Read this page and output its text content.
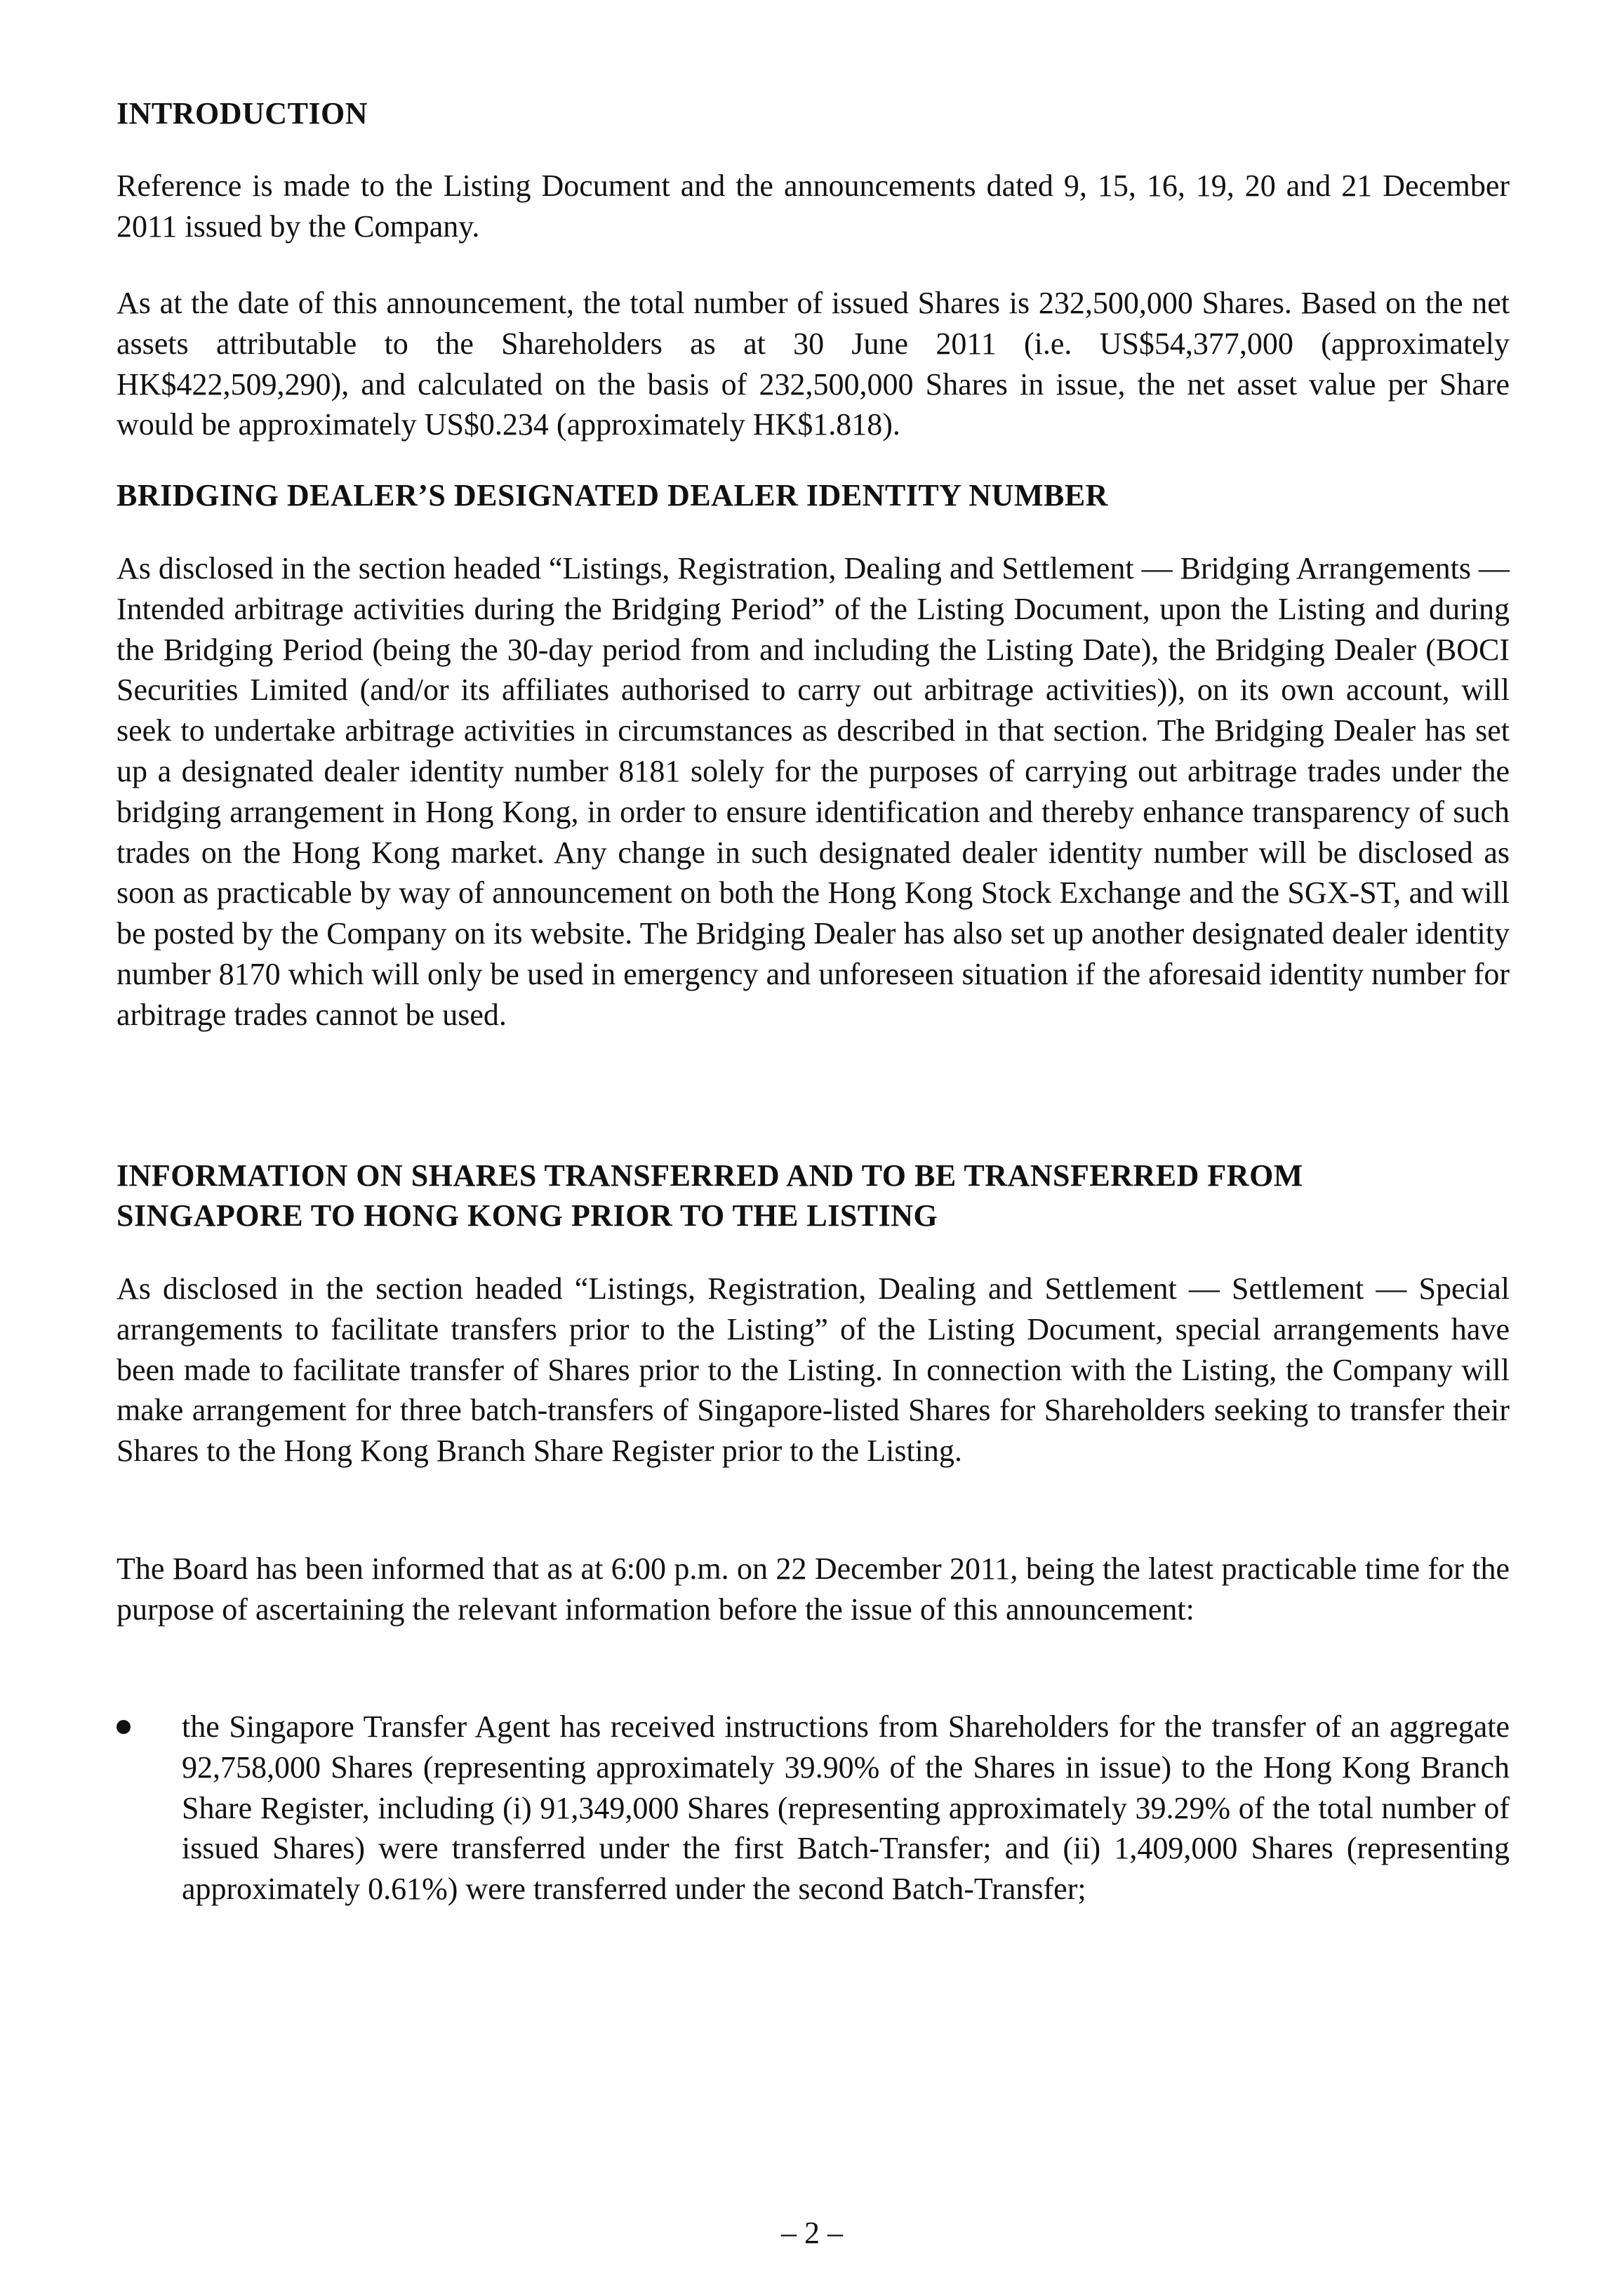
INTRODUCTION

Reference is made to the Listing Document and the announcements dated 9, 15, 16, 19, 20 and 21 December 2011 issued by the Company.

As at the date of this announcement, the total number of issued Shares is 232,500,000 Shares. Based on the net assets attributable to the Shareholders as at 30 June 2011 (i.e. US$54,377,000 (approximately HK$422,509,290), and calculated on the basis of 232,500,000 Shares in issue, the net asset value per Share would be approximately US$0.234 (approximately HK$1.818).

BRIDGING DEALER’S DESIGNATED DEALER IDENTITY NUMBER

As disclosed in the section headed “Listings, Registration, Dealing and Settlement — Bridging Arrangements — Intended arbitrage activities during the Bridging Period” of the Listing Document, upon the Listing and during the Bridging Period (being the 30-day period from and including the Listing Date), the Bridging Dealer (BOCI Securities Limited (and/or its affiliates authorised to carry out arbitrage activities)), on its own account, will seek to undertake arbitrage activities in circumstances as described in that section. The Bridging Dealer has set up a designated dealer identity number 8181 solely for the purposes of carrying out arbitrage trades under the bridging arrangement in Hong Kong, in order to ensure identification and thereby enhance transparency of such trades on the Hong Kong market. Any change in such designated dealer identity number will be disclosed as soon as practicable by way of announcement on both the Hong Kong Stock Exchange and the SGX-ST, and will be posted by the Company on its website. The Bridging Dealer has also set up another designated dealer identity number 8170 which will only be used in emergency and unforeseen situation if the aforesaid identity number for arbitrage trades cannot be used.

INFORMATION ON SHARES TRANSFERRED AND TO BE TRANSFERRED FROM
SINGAPORE TO HONG KONG PRIOR TO THE LISTING

As disclosed in the section headed “Listings, Registration, Dealing and Settlement — Settlement — Special arrangements to facilitate transfers prior to the Listing” of the Listing Document, special arrangements have been made to facilitate transfer of Shares prior to the Listing. In connection with the Listing, the Company will make arrangement for three batch-transfers of Singapore-listed Shares for Shareholders seeking to transfer their Shares to the Hong Kong Branch Share Register prior to the Listing.

The Board has been informed that as at 6:00 p.m. on 22 December 2011, being the latest practicable time for the purpose of ascertaining the relevant information before the issue of this announcement:

the Singapore Transfer Agent has received instructions from Shareholders for the transfer of an aggregate 92,758,000 Shares (representing approximately 39.90% of the Shares in issue) to the Hong Kong Branch Share Register, including (i) 91,349,000 Shares (representing approximately 39.29% of the total number of issued Shares) were transferred under the first Batch-Transfer; and (ii) 1,409,000 Shares (representing approximately 0.61%) were transferred under the second Batch-Transfer;

– 2 –
